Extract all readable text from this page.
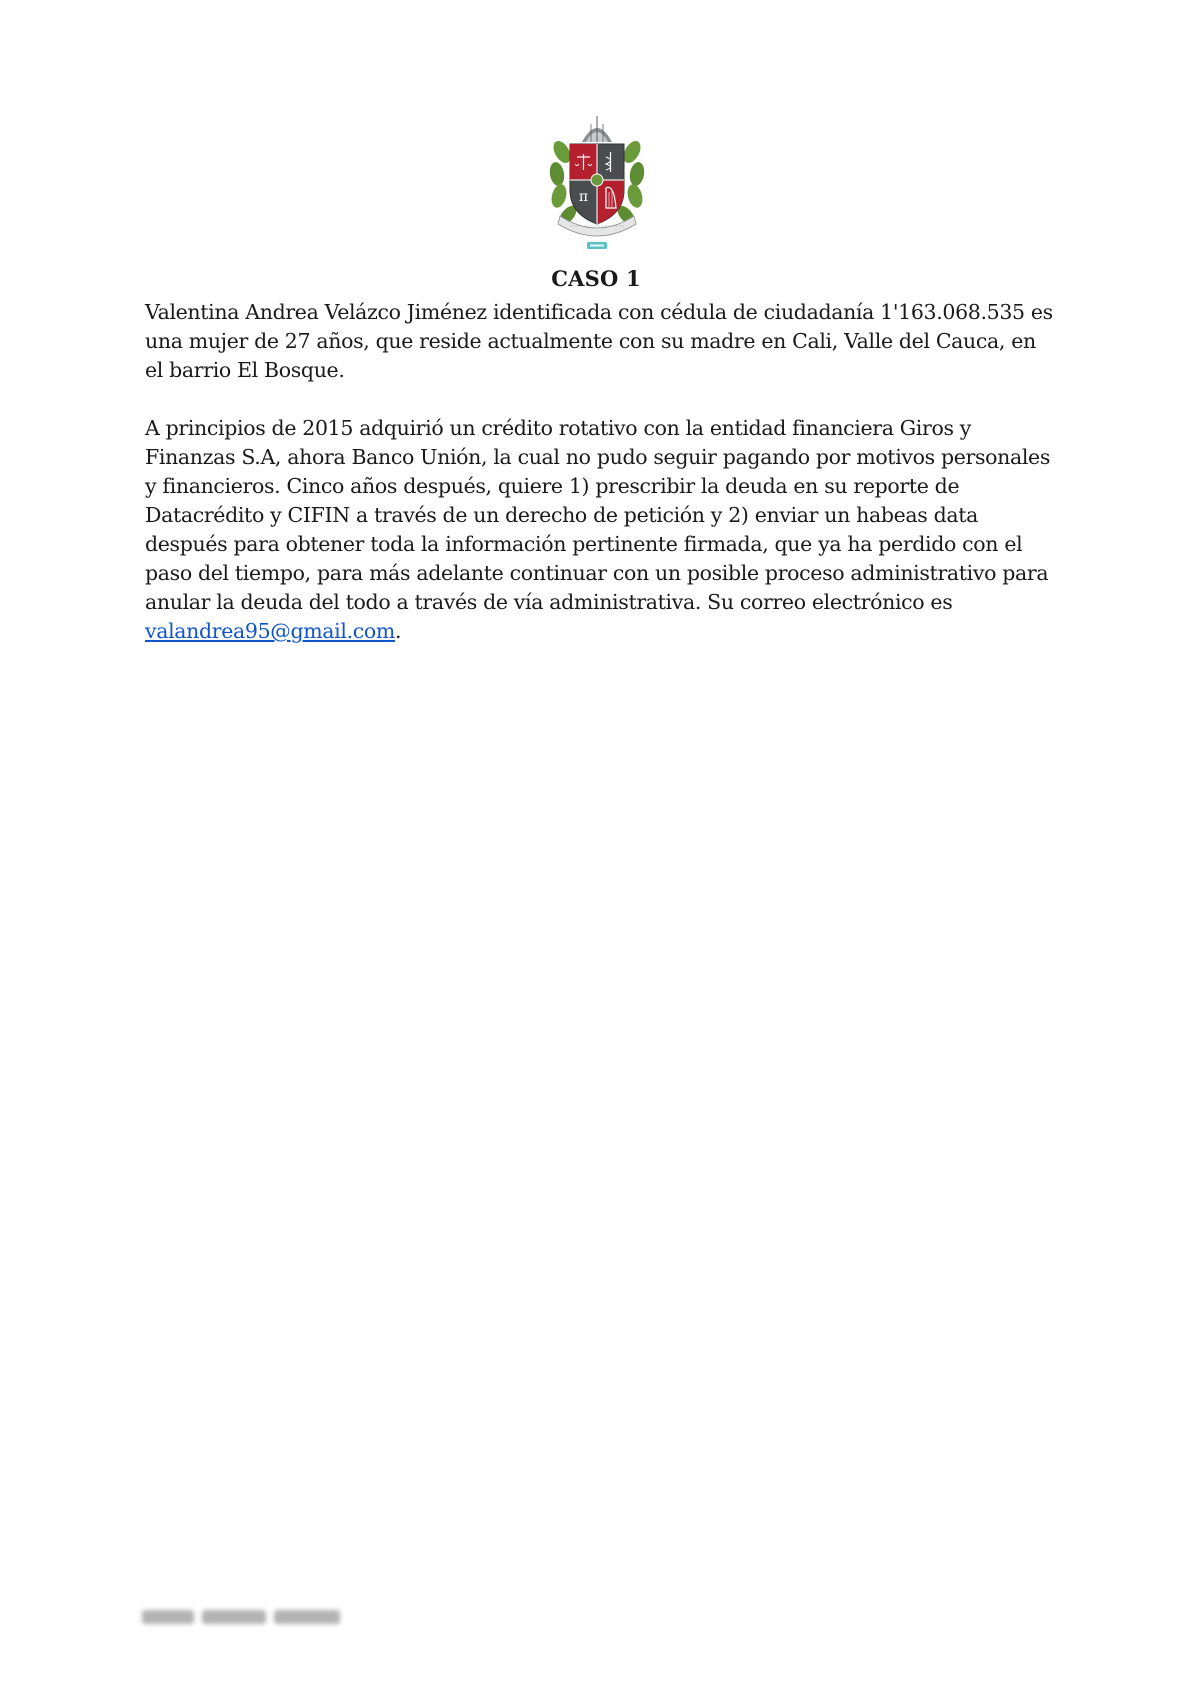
π
CASO 1

Valentina Andrea Velázco Jiménez identificada con cédula de ciudadanía 1'163.068.535 es una mujer de 27 años, que reside actualmente con su madre en Cali, Valle del Cauca, en el barrio El Bosque.

A principios de 2015 adquirió un crédito rotativo con la entidad financiera Giros y Finanzas S.A, ahora Banco Unión, la cual no pudo seguir pagando por motivos personales y financieros. Cinco años después, quiere 1) prescribir la deuda en su reporte de Datacrédito y CIFIN a través de un derecho de petición y 2) enviar un habeas data después para obtener toda la información pertinente firmada, que ya ha perdido con el paso del tiempo, para más adelante continuar con un posible proceso administrativo para anular la deuda del todo a través de vía administrativa. Su correo electrónico es valandrea95@gmail.com.
